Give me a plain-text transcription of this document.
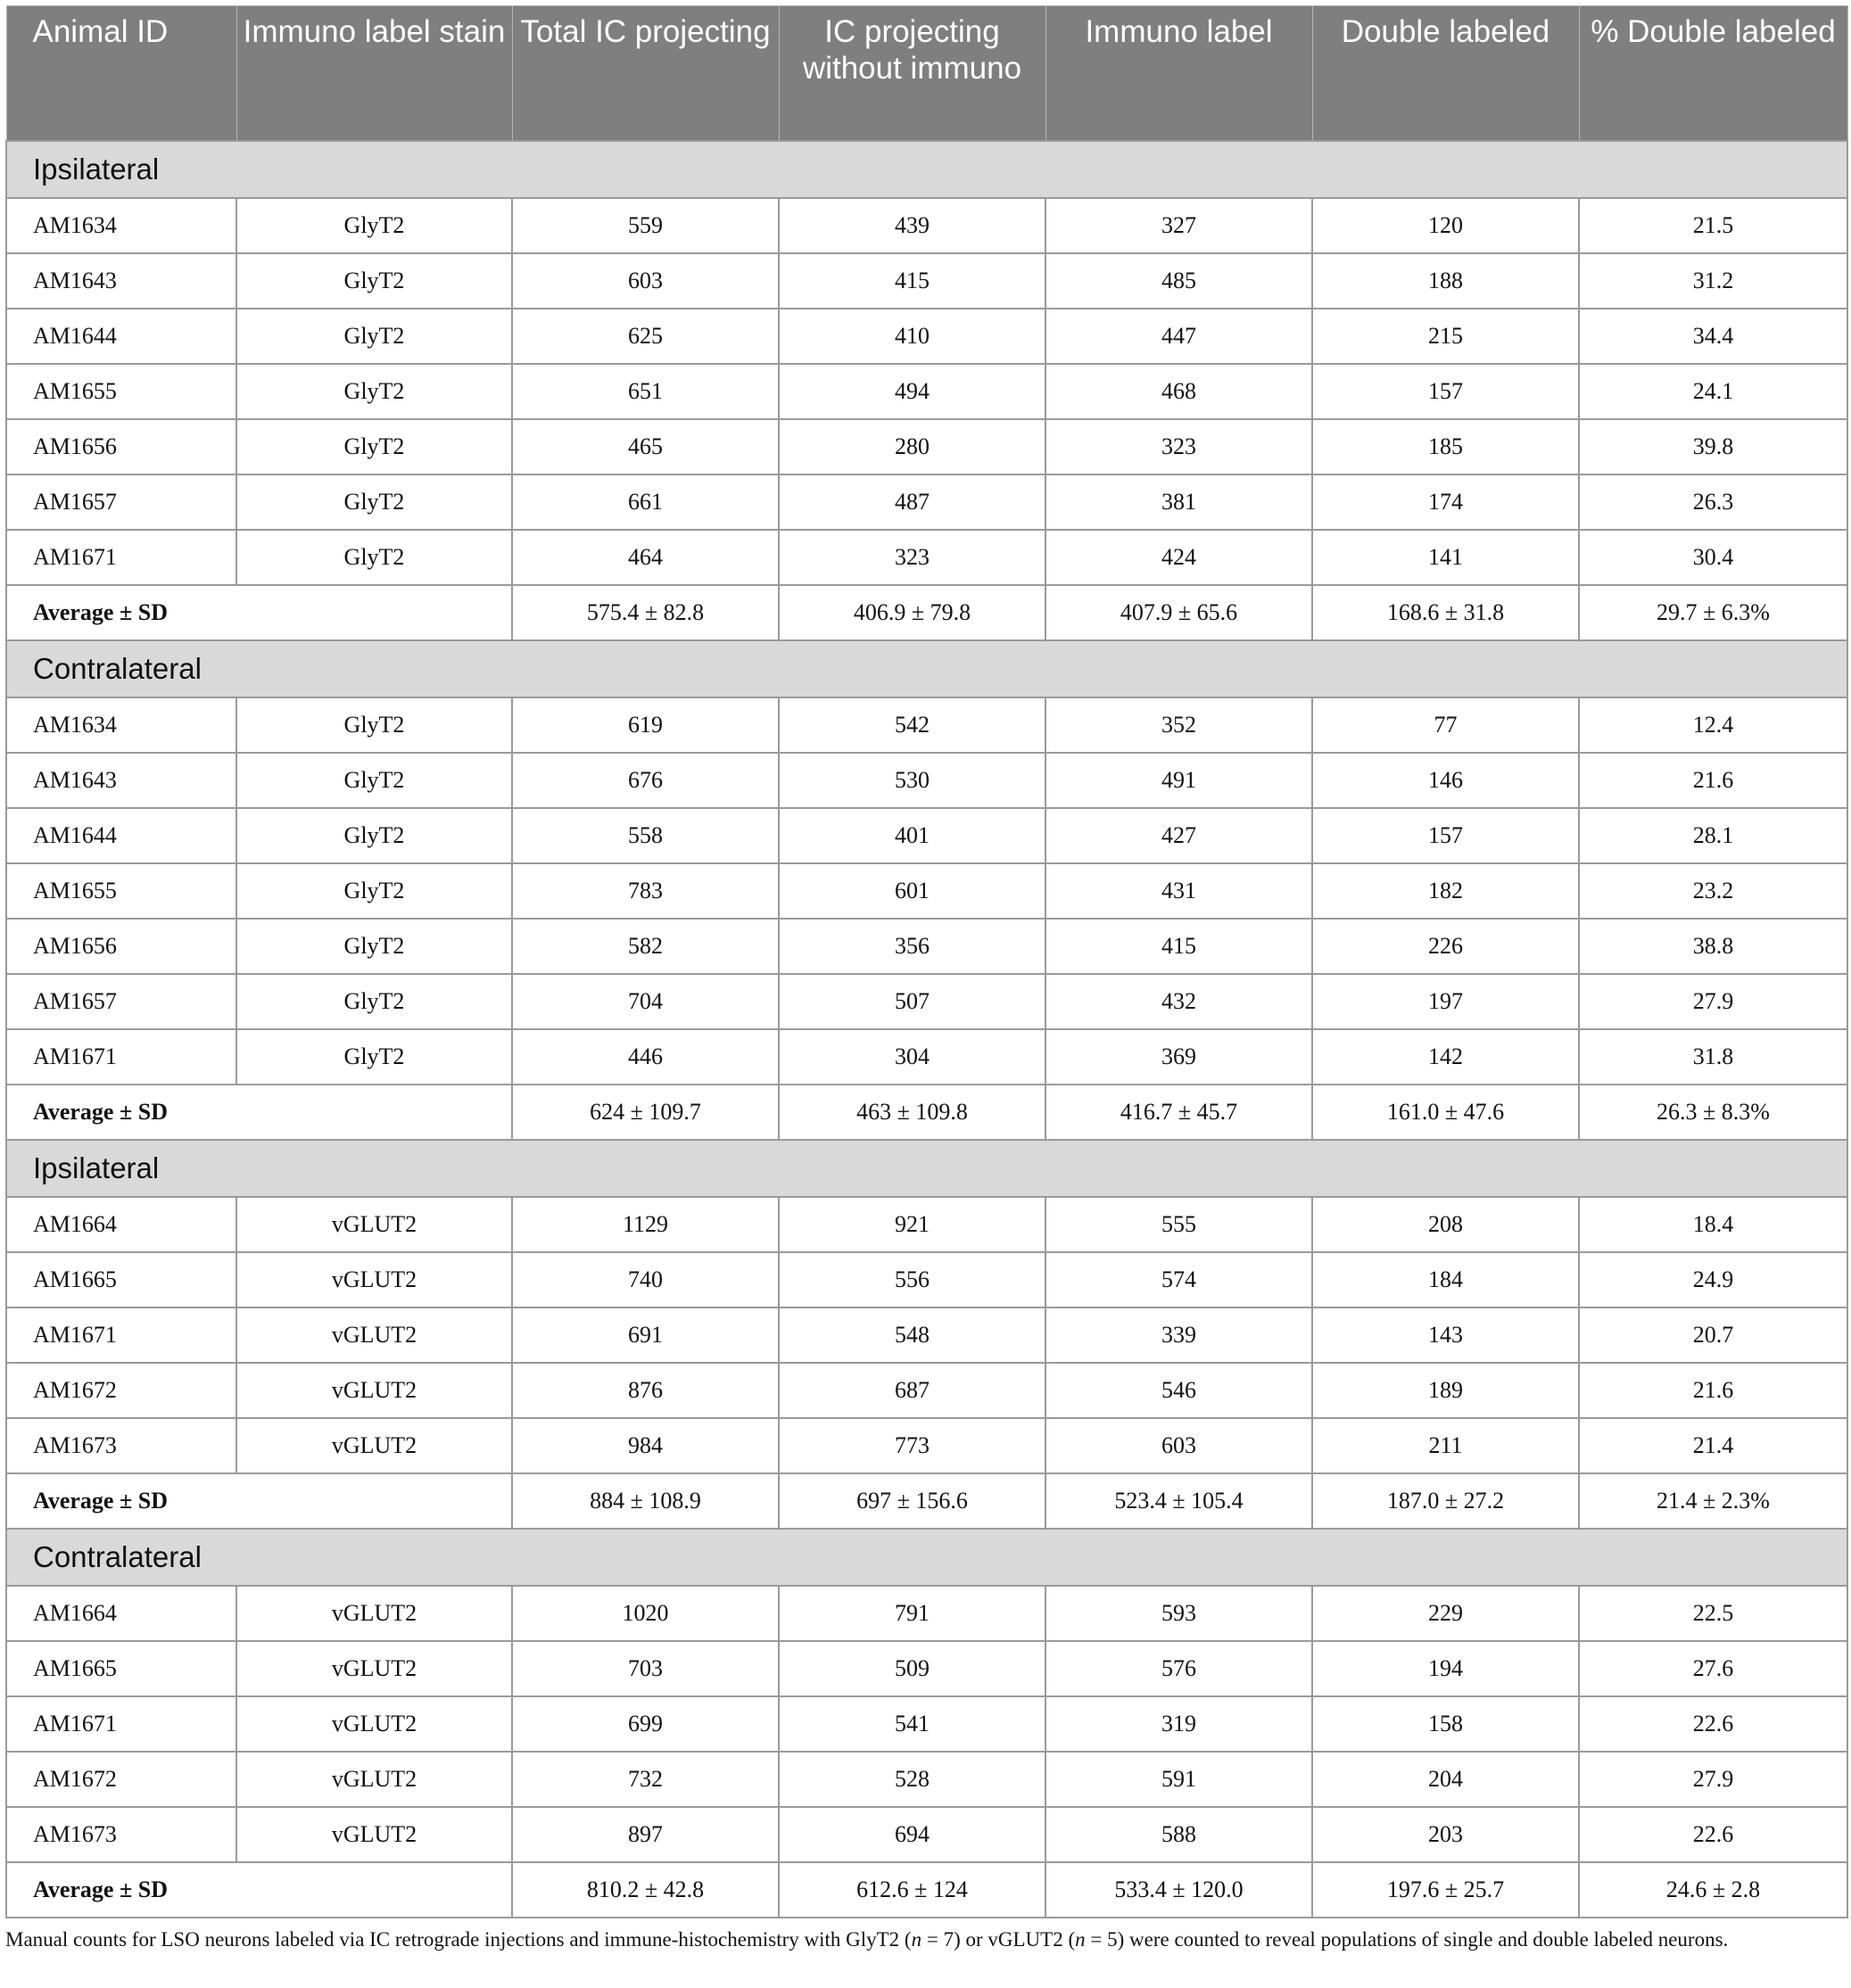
Animal ID	Immuno label stain	Total IC projecting	IC projecting without immuno	Immuno label	Double labeled	% Double labeled
Ipsilateral						
AM1634	GlyT2	559	439	327	120	21.5
AM1643	GlyT2	603	415	485	188	31.2
AM1644	GlyT2	625	410	447	215	34.4
AM1655	GlyT2	651	494	468	157	24.1
AM1656	GlyT2	465	280	323	185	39.8
AM1657	GlyT2	661	487	381	174	26.3
AM1671	GlyT2	464	323	424	141	30.4
Average ± SD		575.4 ± 82.8	406.9 ± 79.8	407.9 ± 65.6	168.6 ± 31.8	29.7 ± 6.3%
Contralateral						
AM1634	GlyT2	619	542	352	77	12.4
AM1643	GlyT2	676	530	491	146	21.6
AM1644	GlyT2	558	401	427	157	28.1
AM1655	GlyT2	783	601	431	182	23.2
AM1656	GlyT2	582	356	415	226	38.8
AM1657	GlyT2	704	507	432	197	27.9
AM1671	GlyT2	446	304	369	142	31.8
Average ± SD		624 ± 109.7	463 ± 109.8	416.7 ± 45.7	161.0 ± 47.6	26.3 ± 8.3%
Ipsilateral						
AM1664	vGLUT2	1129	921	555	208	18.4
AM1665	vGLUT2	740	556	574	184	24.9
AM1671	vGLUT2	691	548	339	143	20.7
AM1672	vGLUT2	876	687	546	189	21.6
AM1673	vGLUT2	984	773	603	211	21.4
Average ± SD		884 ± 108.9	697 ± 156.6	523.4 ± 105.4	187.0 ± 27.2	21.4 ± 2.3%
Contralateral						
AM1664	vGLUT2	1020	791	593	229	22.5
AM1665	vGLUT2	703	509	576	194	27.6
AM1671	vGLUT2	699	541	319	158	22.6
AM1672	vGLUT2	732	528	591	204	27.9
AM1673	vGLUT2	897	694	588	203	22.6
Average ± SD		810.2 ± 42.8	612.6 ± 124	533.4 ± 120.0	197.6 ± 25.7	24.6 ± 2.8
Manual counts for LSO neurons labeled via IC retrograde injections and immune-histochemistry with GlyT2 (n = 7) or vGLUT2 (n = 5) were counted to reveal populations of single and double labeled neurons.
